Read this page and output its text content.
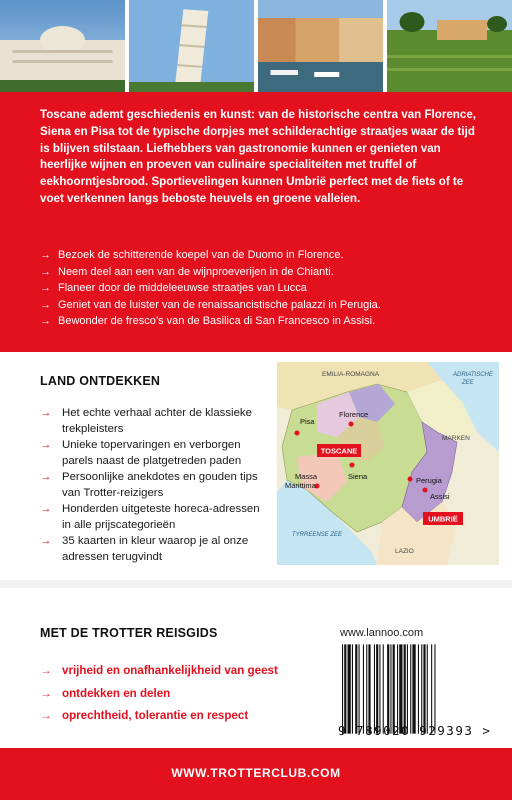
Toscane ademt geschiedenis en kunst: van de historische centra van Florence, Siena en Pisa tot de typische dorpjes met schilderachtige straatjes waar de tijd is blijven stilstaan. Liefhebbers van gastronomie kunnen er genieten van heerlijke wijnen en proeven van culinaire specialiteiten met truffel of eekhoorntjesbrood. Sportievelingen kunnen Umbrië perfect met de fiets of te voet verkennen langs beboste heuvels en groene valleien.

→ Bezoek de schitterende koepel van de Duomo in Florence.
→ Neem deel aan een van de wijnproeverijen in de Chianti.
→ Flaneer door de middeleeuwse straatjes van Lucca
→ Geniet van de luister van de renaissancistische palazzi in Perugia.
→ Bewonder de fresco’s van de Basilica di San Francesco in Assisi.
LAND ONTDEKKEN
→ Het echte verhaal achter de klassieke trekpleisters
→ Unieke topervaringen en verborgen parels naast de platgetreden paden
→ Persoonlijke anekdotes en gouden tips van Trotter-reizigers
→ Honderden uitgeteste horeca-adressen in alle prijscategorieën
→ 35 kaarten in kleur waarop je al onze adressen terugvindt
EMILIA-ROMAGNA	ADRIATISCHE
ZEE
MARKEN
TYRREENSE ZEE
LAZIO
Pisa
Florence
Siena
Massa
Marittima
Perugia
Assisi
TOSCANE
UMBRIË
MET DE TROTTER REISGIDS
→ vrijheid en onafhankelijkheid van geest
→ ontdekken en delen
→ oprechtheid, tolerantie en respect
www.lannoo.com
9 789020 929393 >
WWW.TROTTERCLUB.COM
